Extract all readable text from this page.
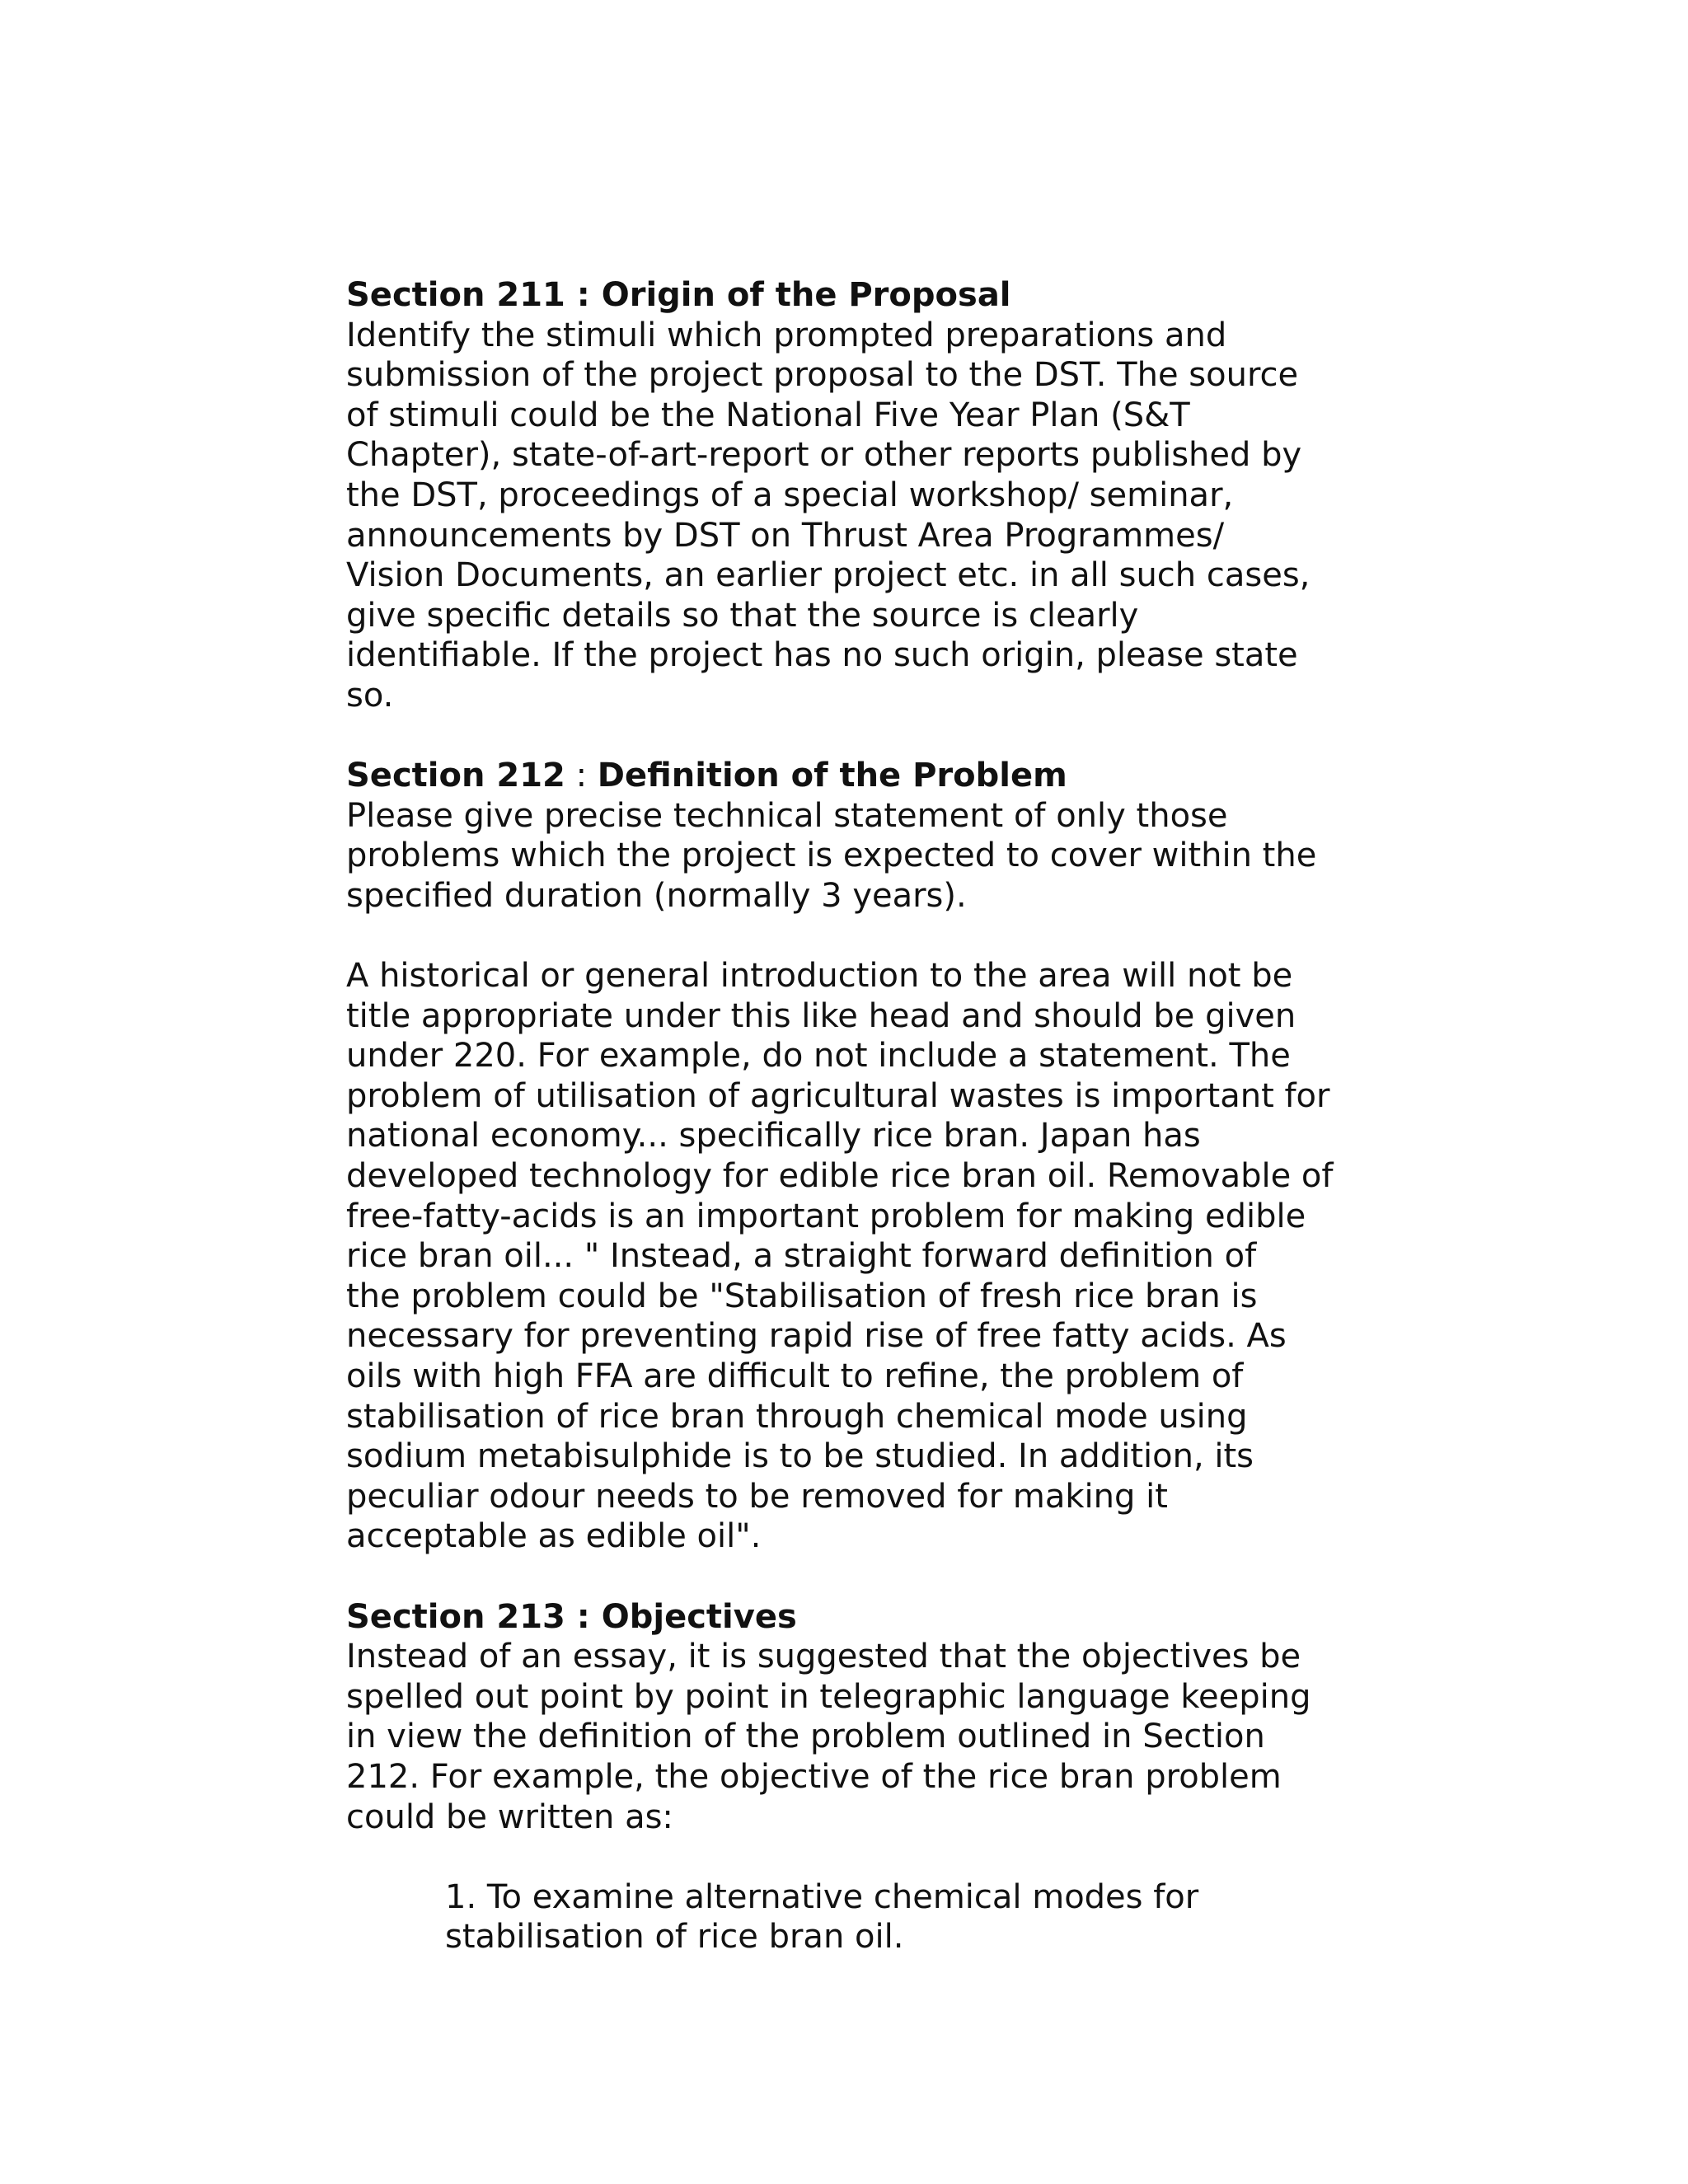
Section 211 : Origin of the Proposal
Identify the stimuli which prompted preparations and
submission of the project proposal to the DST. The source
of stimuli could be the National Five Year Plan (S&T
Chapter), state-of-art-report or other reports published by
the DST, proceedings of a special workshop/ seminar,
announcements by DST on Thrust Area Programmes/
Vision Documents, an earlier project etc. in all such cases,
give specific details so that the source is clearly
identifiable. If the project has no such origin, please state
so.
Section 212 : Definition of the Problem
Please give precise technical statement of only those
problems which the project is expected to cover within the
specified duration (normally 3 years).
A historical or general introduction to the area will not be
title appropriate under this like head and should be given
under 220. For example, do not include a statement. The
problem of utilisation of agricultural wastes is important for
national economy... specifically rice bran. Japan has
developed technology for edible rice bran oil. Removable of
free-fatty-acids is an important problem for making edible
rice bran oil... " Instead, a straight forward definition of
the problem could be "Stabilisation of fresh rice bran is
necessary for preventing rapid rise of free fatty acids. As
oils with high FFA are difficult to refine, the problem of
stabilisation of rice bran through chemical mode using
sodium metabisulphide is to be studied. In addition, its
peculiar odour needs to be removed for making it
acceptable as edible oil".
Section 213 : Objectives
Instead of an essay, it is suggested that the objectives be
spelled out point by point in telegraphic language keeping
in view the definition of the problem outlined in Section
212. For example, the objective of the rice bran problem
could be written as:
1. To examine alternative chemical modes for
stabilisation of rice bran oil.
